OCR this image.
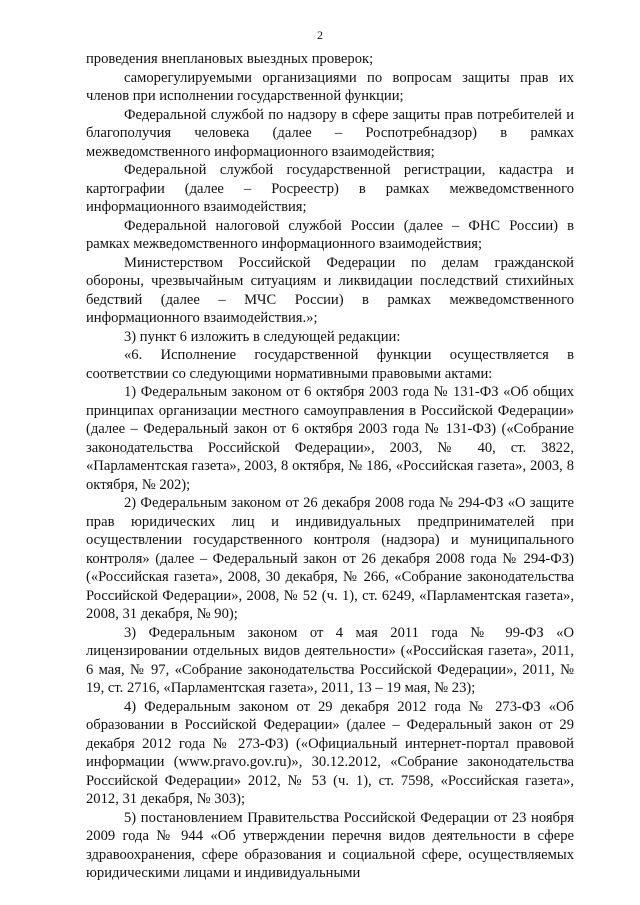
2

проведения внеплановых выездных проверок;

саморегулируемыми организациями по вопросам защиты прав их членов при исполнении государственной функции;

Федеральной службой по надзору в сфере защиты прав потребителей и благополучия человека (далее – Роспотребнадзор) в рамках межведомственного информационного взаимодействия;

Федеральной службой государственной регистрации, кадастра и картографии (далее – Росреестр) в рамках межведомственного информационного взаимодействия;

Федеральной налоговой службой России (далее – ФНС России) в рамках межведомственного информационного взаимодействия;

Министерством Российской Федерации по делам гражданской обороны, чрезвычайным ситуациям и ликвидации последствий стихийных бедствий (далее – МЧС России) в рамках межведомственного информационного взаимодействия.»;

3) пункт 6 изложить в следующей редакции:

«6. Исполнение государственной функции осуществляется в соответствии со следующими нормативными правовыми актами:

1) Федеральным законом от 6 октября 2003 года № 131-ФЗ «Об общих принципах организации местного самоуправления в Российской Федерации» (далее – Федеральный закон от 6 октября 2003 года № 131-ФЗ) («Собрание законодательства Российской Федерации», 2003, № 40, ст. 3822, «Парламентская газета», 2003, 8 октября, № 186, «Российская газета», 2003, 8 октября, № 202);

2) Федеральным законом от 26 декабря 2008 года № 294-ФЗ «О защите прав юридических лиц и индивидуальных предпринимателей при осуществлении государственного контроля (надзора) и муниципального контроля» (далее – Федеральный закон от 26 декабря 2008 года № 294-ФЗ) («Российская газета», 2008, 30 декабря, № 266, «Собрание законодательства Российской Федерации», 2008, № 52 (ч. 1), ст. 6249, «Парламентская газета», 2008, 31 декабря, № 90);

3) Федеральным законом от 4 мая 2011 года № 99-ФЗ «О лицензировании отдельных видов деятельности» («Российская газета», 2011, 6 мая, № 97, «Собрание законодательства Российской Федерации», 2011, № 19, ст. 2716, «Парламентская газета», 2011, 13 – 19 мая, № 23);

4) Федеральным законом от 29 декабря 2012 года № 273-ФЗ «Об образовании в Российской Федерации» (далее – Федеральный закон от 29 декабря 2012 года № 273-ФЗ) («Официальный интернет-портал правовой информации (www.pravo.gov.ru)», 30.12.2012, «Собрание законодательства Российской Федерации» 2012, № 53 (ч. 1), ст. 7598, «Российская газета», 2012, 31 декабря, № 303);

5) постановлением Правительства Российской Федерации от 23 ноября 2009 года № 944 «Об утверждении перечня видов деятельности в сфере здравоохранения, сфере образования и социальной сфере, осуществляемых юридическими лицами и индивидуальными
